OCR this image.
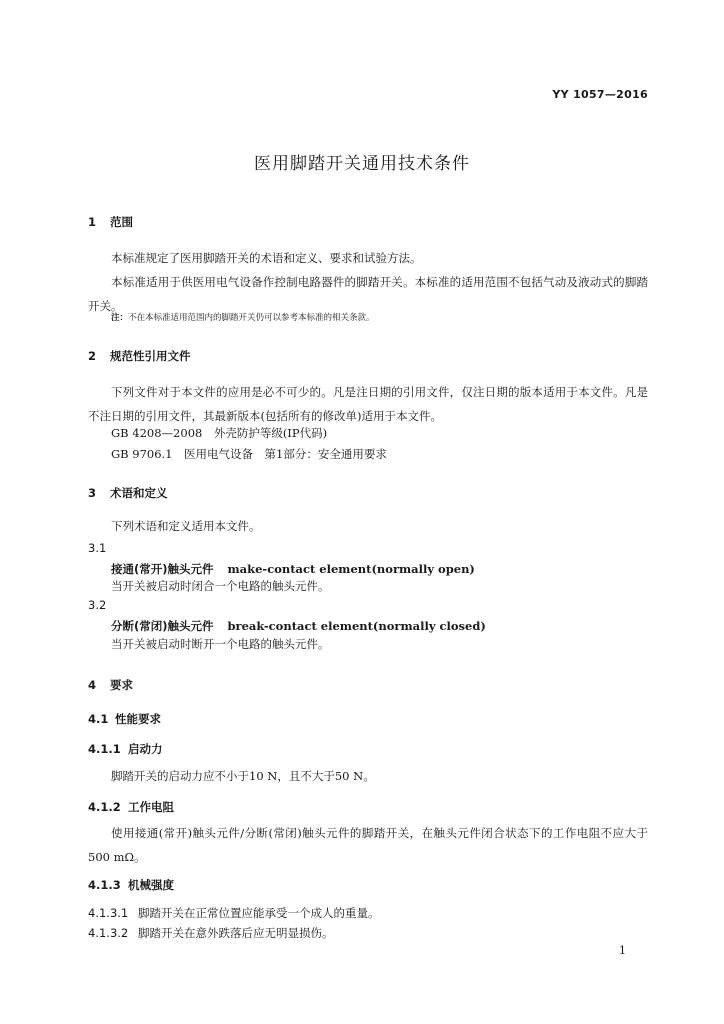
YY 1057—2016
医用脚踏开关通用技术条件
1 范围
本标准规定了医用脚踏开关的术语和定义、要求和试验方法。
本标准适用于供医用电气设备作控制电路器件的脚踏开关。本标准的适用范围不包括气动及液动式的脚踏开关。
注：不在本标准适用范围内的脚踏开关仍可以参考本标准的相关条款。
2 规范性引用文件
下列文件对于本文件的应用是必不可少的。凡是注日期的引用文件，仅注日期的版本适用于本文件。凡是不注日期的引用文件，其最新版本(包括所有的修改单)适用于本文件。
GB 4208—2008　外壳防护等级(IP代码)
GB 9706.1　医用电气设备　第1部分：安全通用要求
3 术语和定义
下列术语和定义适用本文件。
3.1
接通(常开)触头元件 make-contact element(normally open)
当开关被启动时闭合一个电路的触头元件。
3.2
分断(常闭)触头元件 break-contact element(normally closed)
当开关被启动时断开一个电路的触头元件。
4 要求
4.1 性能要求
4.1.1 启动力
脚踏开关的启动力应不小于10 N，且不大于50 N。
4.1.2 工作电阻
使用接通(常开)触头元件/分断(常闭)触头元件的脚踏开关，在触头元件闭合状态下的工作电阻不应大于500 mΩ。
4.1.3 机械强度
4.1.3.1 脚踏开关在正常位置应能承受一个成人的重量。
4.1.3.2 脚踏开关在意外跌落后应无明显损伤。
1
